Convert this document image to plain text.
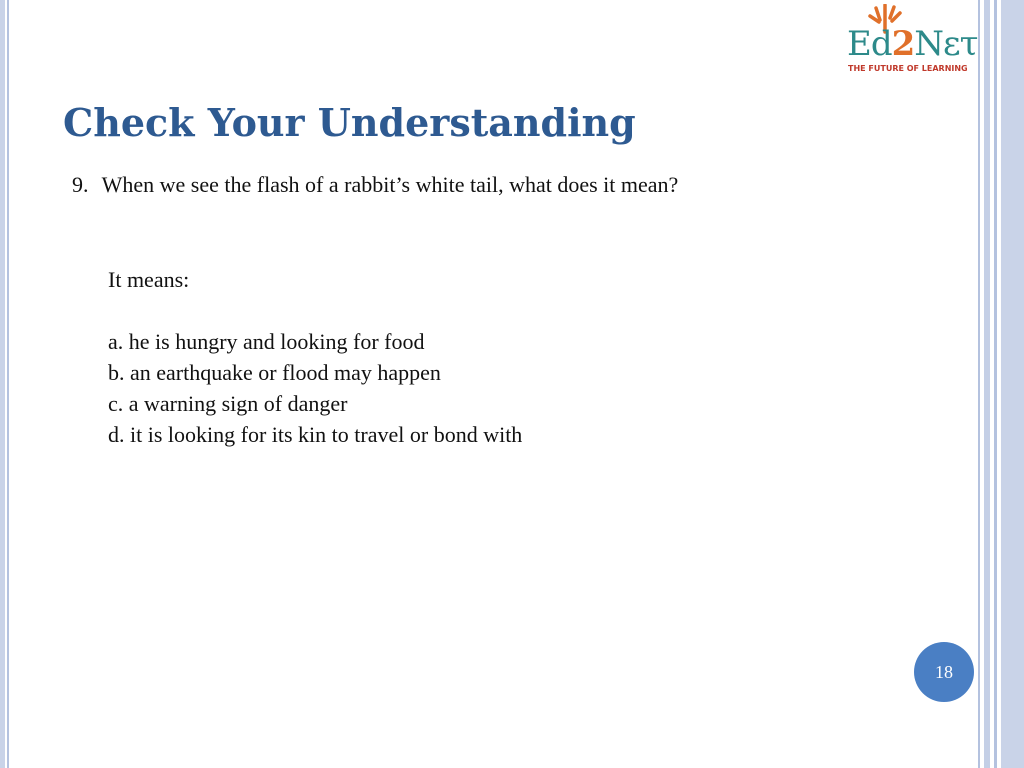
Ed2Nετ
THE FUTURE OF LEARNING
Check Your Understanding
9. When we see the flash of a rabbit’s white tail, what does it mean?
It means:
a. he is hungry and looking for food
b. an earthquake or flood may happen
c. a warning sign of danger
d. it is looking for its kin to travel or bond with
18
